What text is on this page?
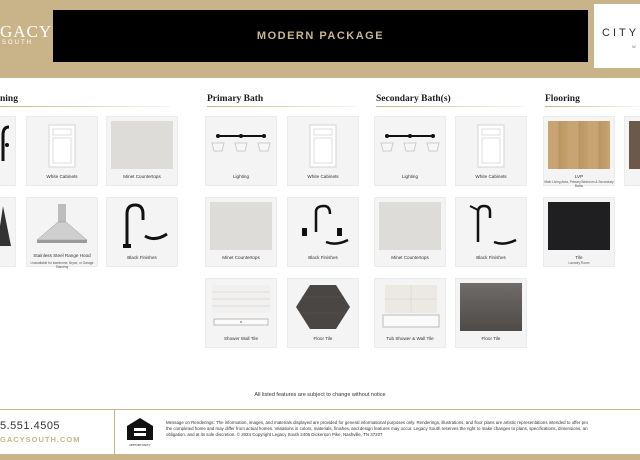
GACY
SOUTH
MODERN PACKAGE	CITY
W
ning	Primary Bath	Secondary Bath(s)	Flooring
White Cabinets	Minet Countertops
Stainless Steel Range Hood
Unavailable for townhome, Bryce, or Garage Standing
Black Finishes
Lighting	White Cabinets
Minet Countertops	Black Finishes
Shower Wall Tile	Floor Tile
Lighting	White Cabinets
Minet Countertops	Black Finishes
Tub Shower & Wall Tile	Floor Tile
LVP
Main Living Area, Primary Bedroom & Secondary Baths
Tile
Laundry Room
All listed features are subject to change without notice
5.551.4505
GACYSOUTH.COM
OPPORTUNITY
Message on Renderings: The information, images, and materials displayed are provided for general informational purposes only. Renderings, illustrations, and floor plans are artistic representations intended to offer pro
the completed home and may differ from actual homes. Variations in colors, materials, finishes, and design features may occur. Legacy South reserves the right to make changes to plans, specifications, dimensions, an
obligation, and at its sole discretion. © 2024 Copyright Legacy South 2406 Dickerson Pike, Nashville, TN 37207
